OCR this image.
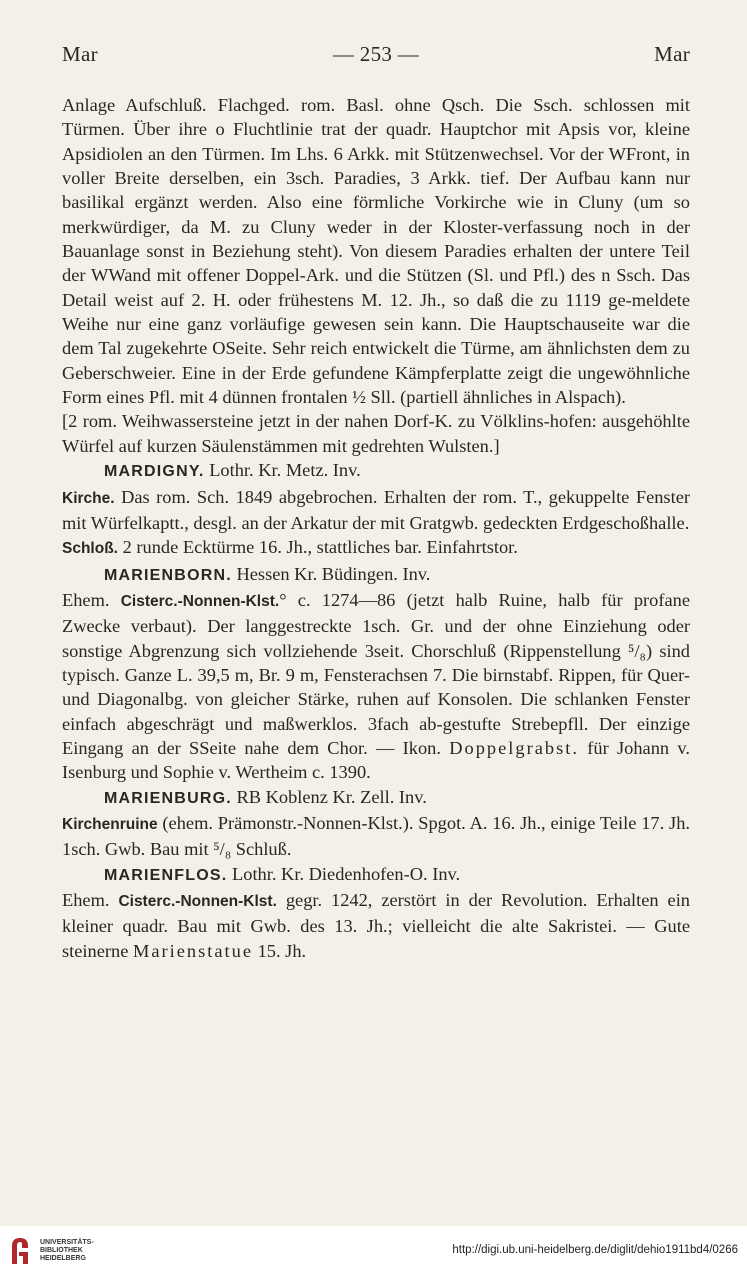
Mar	— 253 —	Mar

Anlage Aufschluß. Flachged. rom. Basl. ohne Qsch. Die Ssch. schlossen mit Türmen. Über ihre o Fluchtlinie trat der quadr. Hauptchor mit Apsis vor, kleine Apsidiolen an den Türmen. Im Lhs. 6 Arkk. mit Stützenwechsel. Vor der WFront, in voller Breite derselben, ein 3sch. Paradies, 3 Arkk. tief. Der Aufbau kann nur basilikal ergänzt werden. Also eine förmliche Vorkirche wie in Cluny (um so merkwürdiger, da M. zu Cluny weder in der Kloster-verfassung noch in der Bauanlage sonst in Beziehung steht). Von diesem Paradies erhalten der untere Teil der WWand mit offener Doppel-Ark. und die Stützen (Sl. und Pfl.) des n Ssch. Das Detail weist auf 2. H. oder frühestens M. 12. Jh., so daß die zu 1119 ge-meldete Weihe nur eine ganz vorläufige gewesen sein kann. Die Hauptschauseite war die dem Tal zugekehrte OSeite. Sehr reich entwickelt die Türme, am ähnlichsten dem zu Geberschweier. Eine in der Erde gefundene Kämpferplatte zeigt die ungewöhnliche Form eines Pfl. mit 4 dünnen frontalen ½ Sll. (partiell ähnliches in Alspach).

[2 rom. Weihwassersteine jetzt in der nahen Dorf-K. zu Völklins-hofen: ausgehöhlte Würfel auf kurzen Säulenstämmen mit gedrehten Wulsten.]

MARDIGNY. Lothr. Kr. Metz. Inv.

Kirche. Das rom. Sch. 1849 abgebrochen. Erhalten der rom. T., gekuppelte Fenster mit Würfelkaptt., desgl. an der Arkatur der mit Gratgwb. gedeckten Erdgeschoßhalle.

Schloß. 2 runde Ecktürme 16. Jh., stattliches bar. Einfahrtstor.

MARIENBORN. Hessen Kr. Büdingen. Inv.

Ehem. Cisterc.-Nonnen-Klst.° c. 1274—86 (jetzt halb Ruine, halb für profane Zwecke verbaut). Der langgestreckte 1sch. Gr. und der ohne Einziehung oder sonstige Abgrenzung sich vollziehende 3seit. Chorschluß (Rippenstellung ⁵/₈) sind typisch. Ganze L. 39,5 m, Br. 9 m, Fensterachsen 7. Die birnstabf. Rippen, für Quer- und Diagonalbg. von gleicher Stärke, ruhen auf Konsolen. Die schlanken Fenster einfach abgeschrägt und maßwerklos. 3fach ab-gestufte Strebepfll. Der einzige Eingang an der SSeite nahe dem Chor. — Ikon. Doppelgrabst. für Johann v. Isenburg und Sophie v. Wertheim c. 1390.

MARIENBURG. RB Koblenz Kr. Zell. Inv.

Kirchenruine (ehem. Prämonstr.-Nonnen-Klst.). Spgot. A. 16. Jh., einige Teile 17. Jh. 1sch. Gwb. Bau mit ⁵/₈ Schluß.

MARIENFLOS. Lothr. Kr. Diedenhofen-O. Inv.

Ehem. Cisterc.-Nonnen-Klst. gegr. 1242, zerstört in der Revolution. Erhalten ein kleiner quadr. Bau mit Gwb. des 13. Jh.; vielleicht die alte Sakristei. — Gute steinerne Marienstatue 15. Jh.

UNIVERSITÄTS-
BIBLIOTHEK
HEIDELBERG
http://digi.ub.uni-heidelberg.de/diglit/dehio1911bd4/0266
